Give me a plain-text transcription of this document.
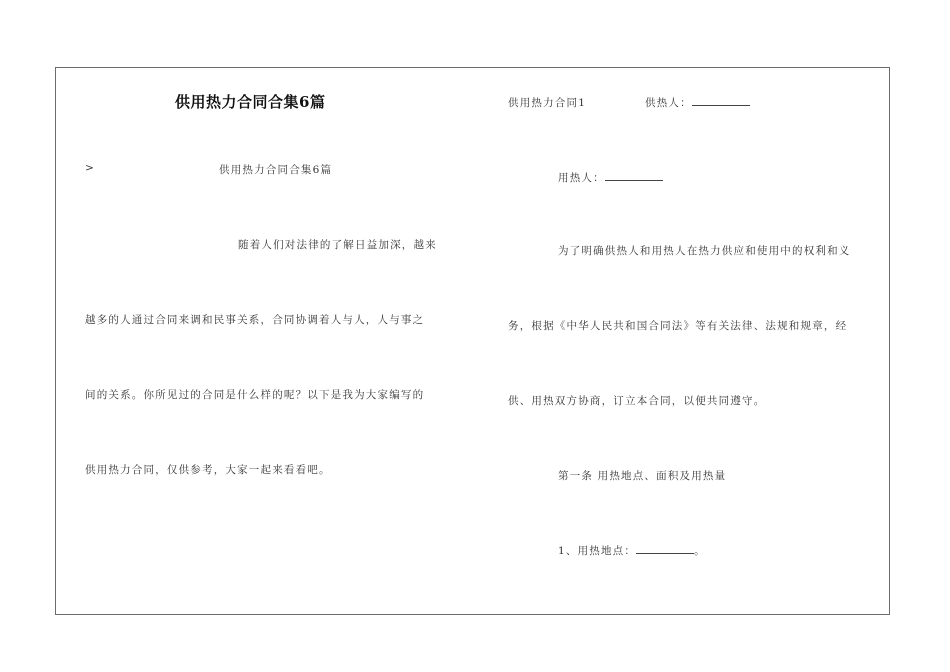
供用热力合同合集6篇
>	供用热力合同合集6篇
随着人们对法律的了解日益加深，越来
越多的人通过合同来调和民事关系，合同协调着人与人，人与事之
间的关系。你所见过的合同是什么样的呢？以下是我为大家编写的
供用热力合同，仅供参考，大家一起来看看吧。
供用热力合同1	供热人：
用热人：
为了明确供热人和用热人在热力供应和使用中的权利和义
务，根据《中华人民共和国合同法》等有关法律、法规和规章，经
供、用热双方协商，订立本合同，以便共同遵守。
第一条 用热地点、面积及用热量
1、用热地点：	。
